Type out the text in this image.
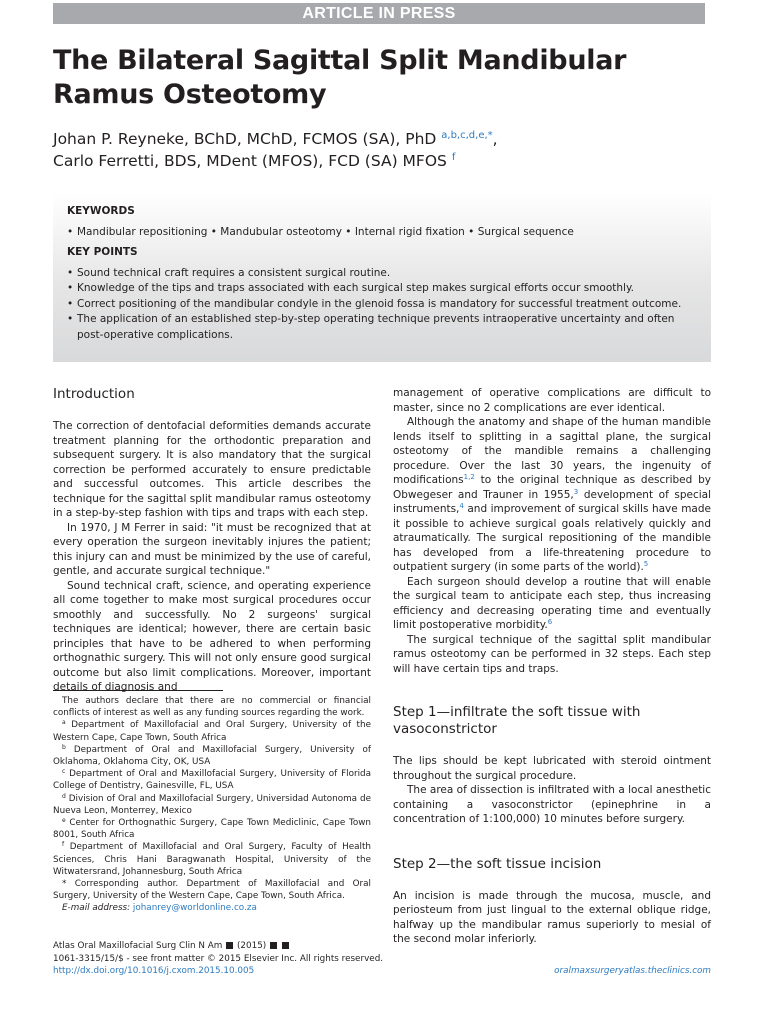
ARTICLE IN PRESS
The Bilateral Sagittal Split Mandibular Ramus Osteotomy
Johan P. Reyneke, BChD, MChD, FCMOS (SA), PhD $^{a,b,c,d,e,*}$,
Carlo Ferretti, BDS, MDent (MFOS), FCD (SA) MFOS $^f$
KEYWORDS
• Mandibular repositioning • Mandubular osteotomy • Internal rigid fixation • Surgical sequence
KEY POINTS
• Sound technical craft requires a consistent surgical routine.
• Knowledge of the tips and traps associated with each surgical step makes surgical efforts occur smoothly.
• Correct positioning of the mandibular condyle in the glenoid fossa is mandatory for successful treatment outcome.
• The application of an established step-by-step operating technique prevents intraoperative uncertainty and often post-operative complications.
Introduction

The correction of dentofacial deformities demands accurate treatment planning for the orthodontic preparation and subsequent surgery. It is also mandatory that the surgical correction be performed accurately to ensure predictable and successful outcomes. This article describes the technique for the sagittal split mandibular ramus osteotomy in a step-by-step fashion with tips and traps with each step.

In 1970, J M Ferrer in said: "it must be recognized that at every operation the surgeon inevitably injures the patient; this injury can and must be minimized by the use of careful, gentle, and accurate surgical technique."

Sound technical craft, science, and operating experience all come together to make most surgical procedures occur smoothly and successfully. No 2 surgeons' surgical techniques are identical; however, there are certain basic principles that have to be adhered to when performing orthognathic surgery. This will not only ensure good surgical outcome but also limit complications. Moreover, important details of diagnosis and

management of operative complications are difficult to master, since no 2 complications are ever identical.

Although the anatomy and shape of the human mandible lends itself to splitting in a sagittal plane, the surgical osteotomy of the mandible remains a challenging procedure. Over the last 30 years, the ingenuity of modifications$^{1,2}$ to the original technique as described by Obwegeser and Trauner in 1955,$^3$ development of special instruments,$^4$ and improvement of surgical skills have made it possible to achieve surgical goals relatively quickly and atraumatically. The surgical repositioning of the mandible has developed from a life-threatening procedure to outpatient surgery (in some parts of the world).$^5$

Each surgeon should develop a routine that will enable the surgical team to anticipate each step, thus increasing efficiency and decreasing operating time and eventually limit postoperative morbidity.$^6$

The surgical technique of the sagittal split mandibular ramus osteotomy can be performed in 32 steps. Each step will have certain tips and traps.

Step 1—infiltrate the soft tissue with vasoconstrictor

The lips should be kept lubricated with steroid ointment throughout the surgical procedure.

The area of dissection is infiltrated with a local anesthetic containing a vasoconstrictor (epinephrine in a concentration of 1:100,000) 10 minutes before surgery.

Step 2—the soft tissue incision

An incision is made through the mucosa, muscle, and periosteum from just lingual to the external oblique ridge, halfway up the mandibular ramus superiorly to mesial of the second molar inferiorly.

The authors declare that there are no commercial or financial conflicts of interest as well as any funding sources regarding the work.

$^a$ Department of Maxillofacial and Oral Surgery, University of the Western Cape, Cape Town, South Africa

$^b$ Department of Oral and Maxillofacial Surgery, University of Oklahoma, Oklahoma City, OK, USA

$^c$ Department of Oral and Maxillofacial Surgery, University of Florida College of Dentistry, Gainesville, FL, USA

$^d$ Division of Oral and Maxillofacial Surgery, Universidad Autonoma de Nueva Leon, Monterrey, Mexico

$^e$ Center for Orthognathic Surgery, Cape Town Mediclinic, Cape Town 8001, South Africa

$^f$ Department of Maxillofacial and Oral Surgery, Faculty of Health Sciences, Chris Hani Baragwanath Hospital, University of the Witwatersrand, Johannesburg, South Africa

* Corresponding author. Department of Maxillofacial and Oral Surgery, University of the Western Cape, Cape Town, South Africa.

E-mail address: johanrey@worldonline.co.za

Atlas Oral Maxillofacial Surg Clin N Am (2015)
1061-3315/15/$ - see front matter © 2015 Elsevier Inc. All rights reserved.
http://dx.doi.org/10.1016/j.cxom.2015.10.005	oralmaxsurgeryatlas.theclinics.com
